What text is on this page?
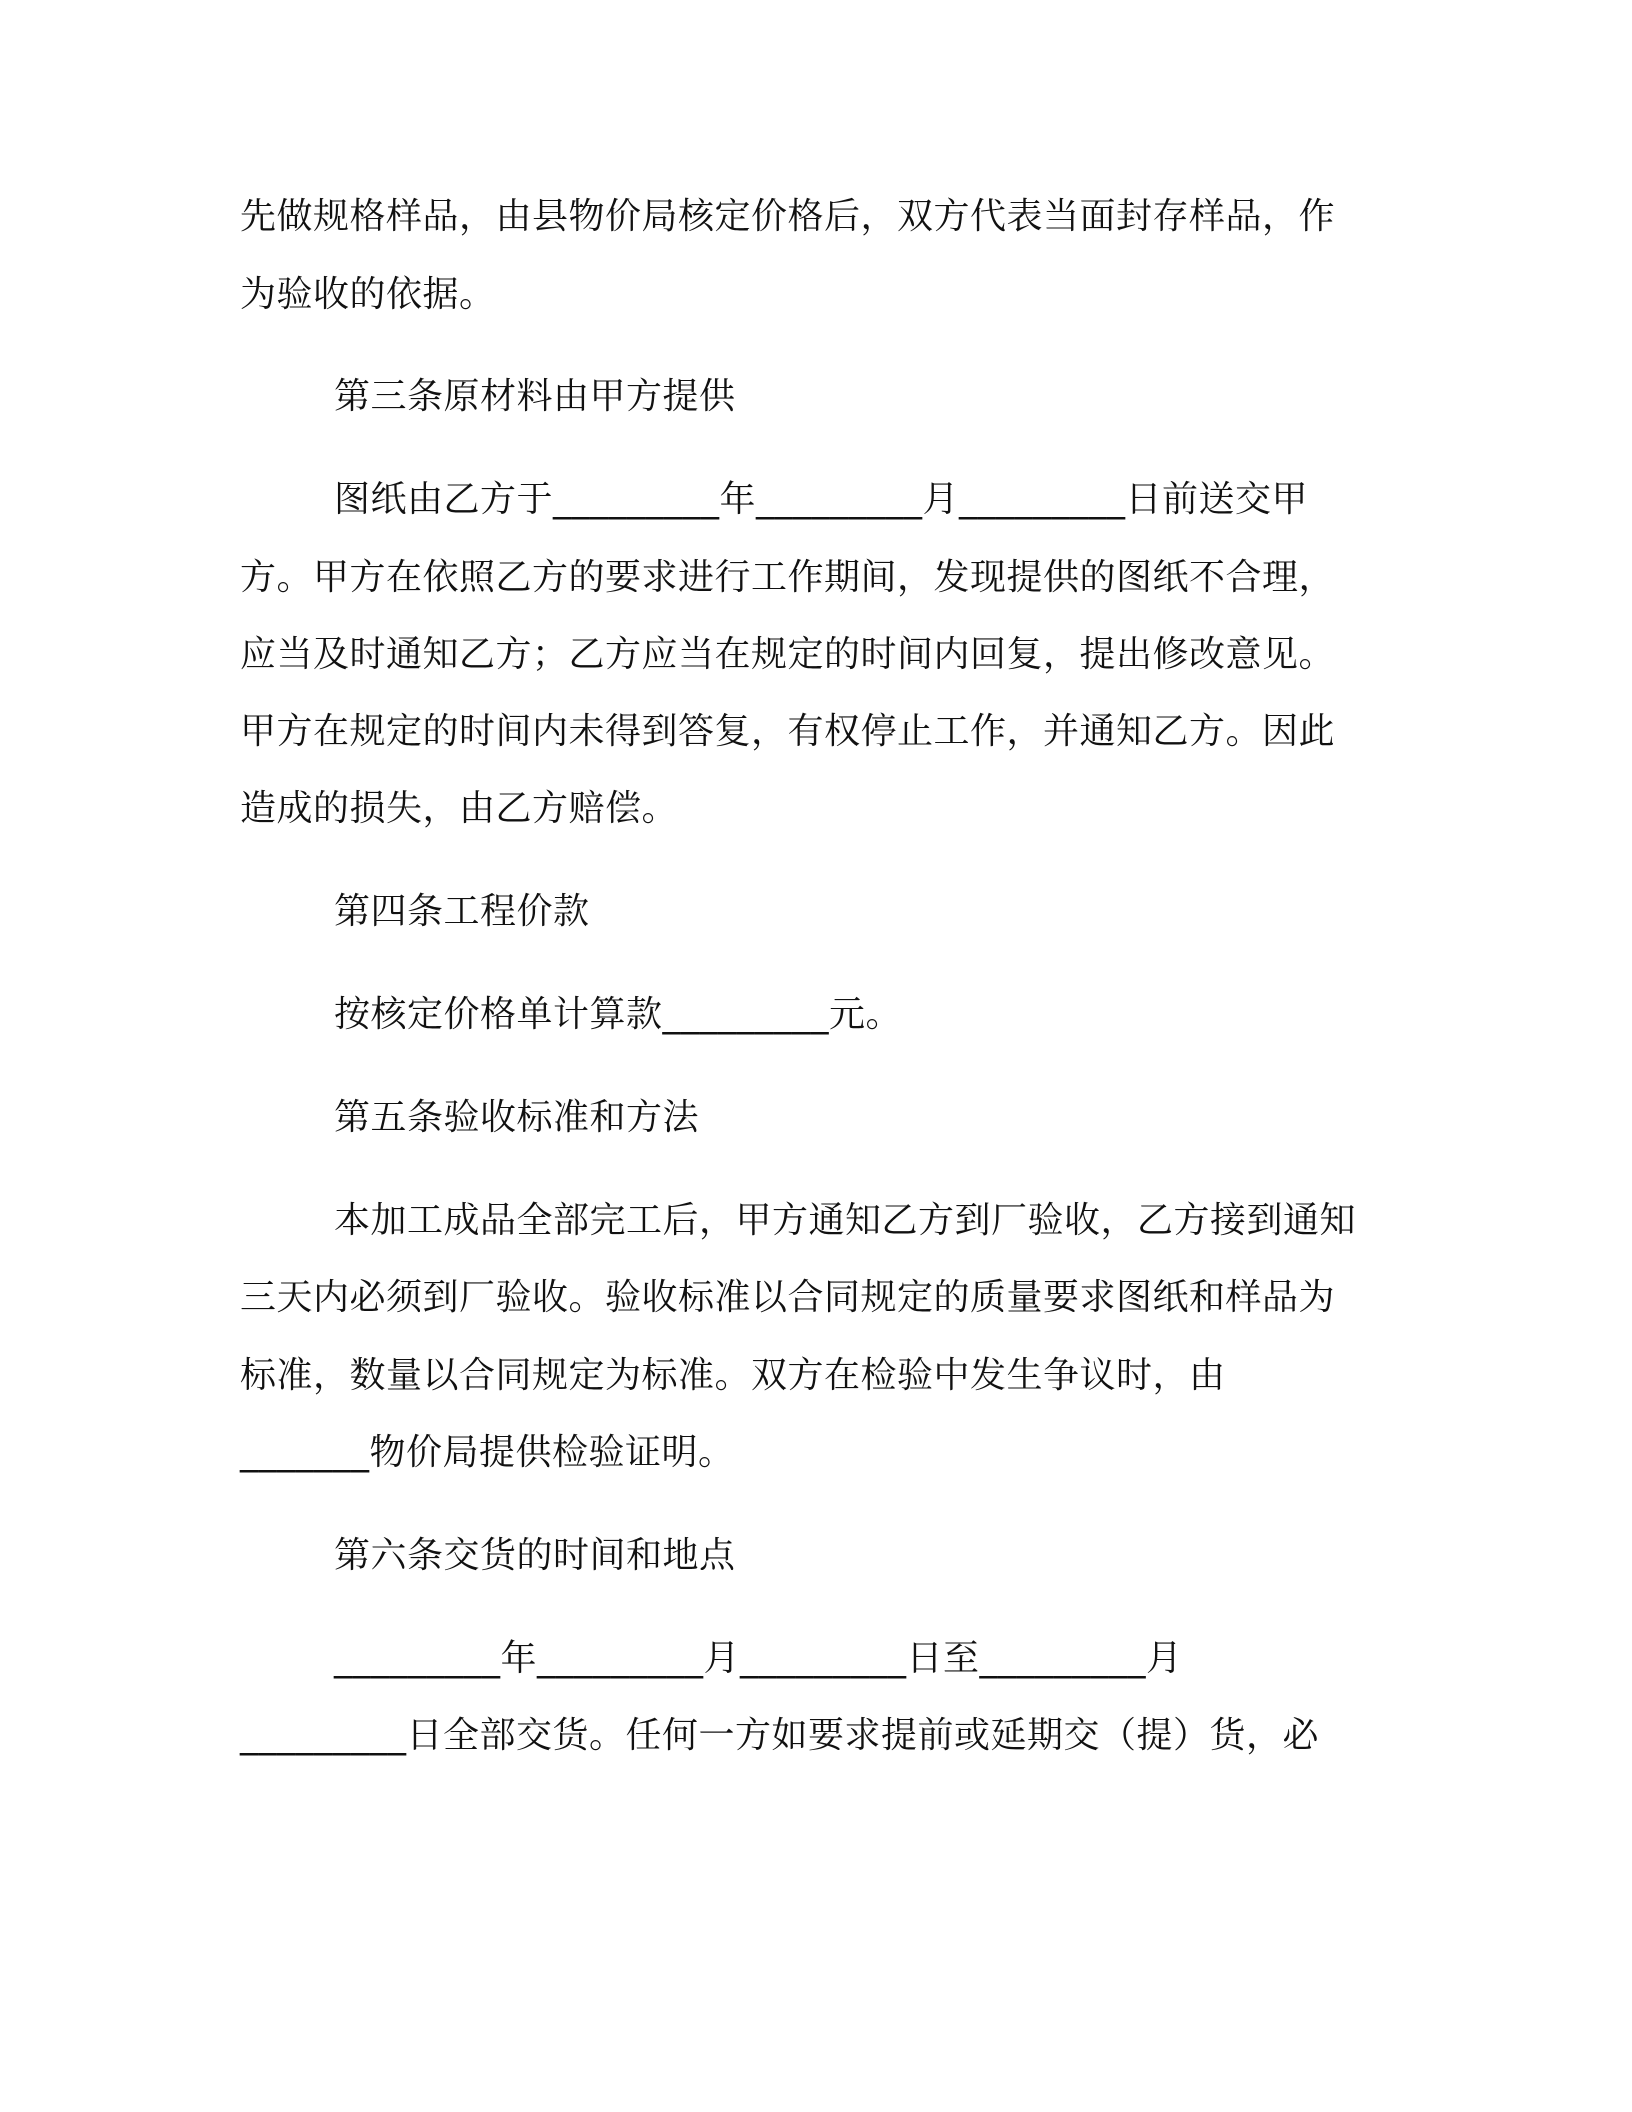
先做规格样品，由县物价局核定价格后，双方代表当面封存样品，作
为验收的依据。
第三条原材料由甲方提供
图纸由乙方于_________年_________月_________日前送交甲
方。甲方在依照乙方的要求进行工作期间，发现提供的图纸不合理，
应当及时通知乙方；乙方应当在规定的时间内回复，提出修改意见。
甲方在规定的时间内未得到答复，有权停止工作，并通知乙方。因此
造成的损失，由乙方赔偿。
第四条工程价款
按核定价格单计算款_________元。
第五条验收标准和方法
本加工成品全部完工后，甲方通知乙方到厂验收，乙方接到通知
三天内必须到厂验收。验收标准以合同规定的质量要求图纸和样品为
标准，数量以合同规定为标准。双方在检验中发生争议时，由
_______物价局提供检验证明。
第六条交货的时间和地点
_________年_________月_________日至_________月
_________日全部交货。任何一方如要求提前或延期交（提）货，必
